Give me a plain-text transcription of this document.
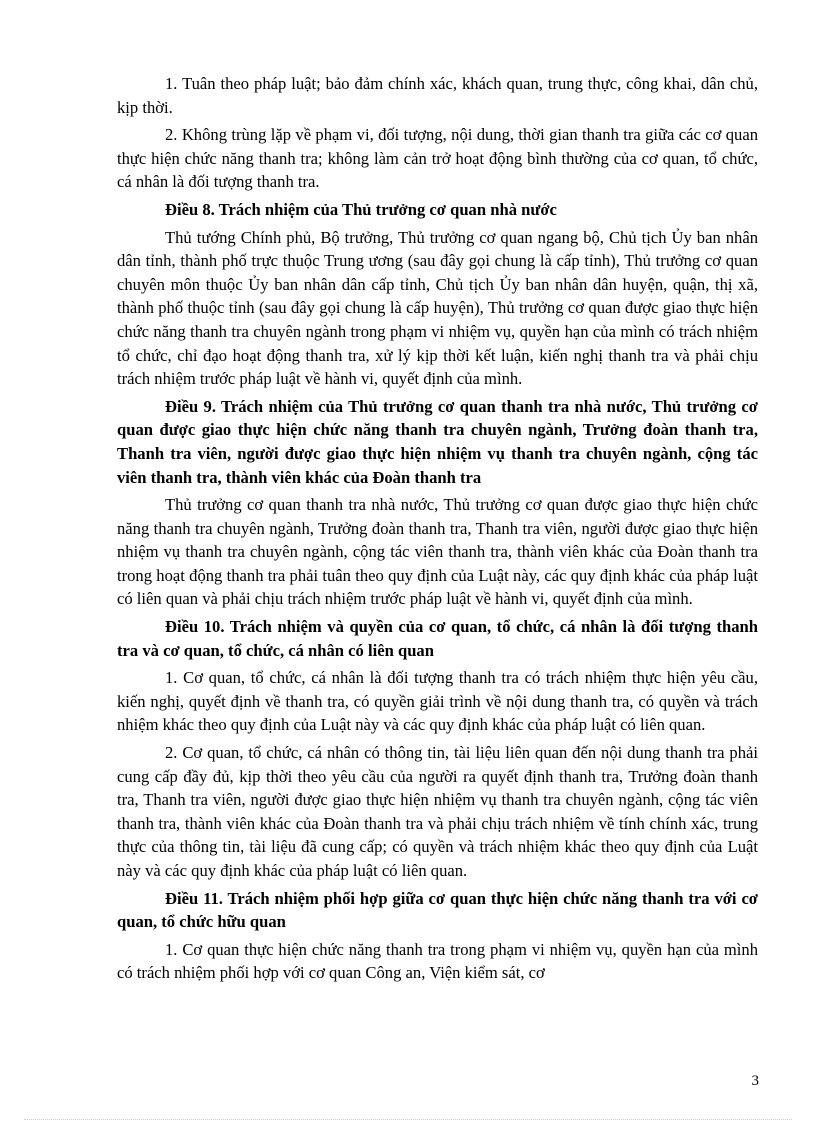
1. Tuân theo pháp luật; bảo đảm chính xác, khách quan, trung thực, công khai, dân chủ, kịp thời.

2. Không trùng lặp về phạm vi, đối tượng, nội dung, thời gian thanh tra giữa các cơ quan thực hiện chức năng thanh tra; không làm cản trở hoạt động bình thường của cơ quan, tổ chức, cá nhân là đối tượng thanh tra.

Điều 8. Trách nhiệm của Thủ trưởng cơ quan nhà nước

Thủ tướng Chính phủ, Bộ trưởng, Thủ trưởng cơ quan ngang bộ, Chủ tịch Ủy ban nhân dân tỉnh, thành phố trực thuộc Trung ương (sau đây gọi chung là cấp tỉnh), Thủ trưởng cơ quan chuyên môn thuộc Ủy ban nhân dân cấp tỉnh, Chủ tịch Ủy ban nhân dân huyện, quận, thị xã, thành phố thuộc tỉnh (sau đây gọi chung là cấp huyện), Thủ trưởng cơ quan được giao thực hiện chức năng thanh tra chuyên ngành trong phạm vi nhiệm vụ, quyền hạn của mình có trách nhiệm tổ chức, chỉ đạo hoạt động thanh tra, xử lý kịp thời kết luận, kiến nghị thanh tra và phải chịu trách nhiệm trước pháp luật về hành vi, quyết định của mình.

Điều 9. Trách nhiệm của Thủ trưởng cơ quan thanh tra nhà nước, Thủ trưởng cơ quan được giao thực hiện chức năng thanh tra chuyên ngành, Trưởng đoàn thanh tra, Thanh tra viên, người được giao thực hiện nhiệm vụ thanh tra chuyên ngành, cộng tác viên thanh tra, thành viên khác của Đoàn thanh tra

Thủ trưởng cơ quan thanh tra nhà nước, Thủ trưởng cơ quan được giao thực hiện chức năng thanh tra chuyên ngành, Trưởng đoàn thanh tra, Thanh tra viên, người được giao thực hiện nhiệm vụ thanh tra chuyên ngành, cộng tác viên thanh tra, thành viên khác của Đoàn thanh tra trong hoạt động thanh tra phải tuân theo quy định của Luật này, các quy định khác của pháp luật có liên quan và phải chịu trách nhiệm trước pháp luật về hành vi, quyết định của mình.

Điều 10. Trách nhiệm và quyền của cơ quan, tổ chức, cá nhân là đối tượng thanh tra và cơ quan, tổ chức, cá nhân có liên quan

1. Cơ quan, tổ chức, cá nhân là đối tượng thanh tra có trách nhiệm thực hiện yêu cầu, kiến nghị, quyết định về thanh tra, có quyền giải trình về nội dung thanh tra, có quyền và trách nhiệm khác theo quy định của Luật này và các quy định khác của pháp luật có liên quan.

2. Cơ quan, tổ chức, cá nhân có thông tin, tài liệu liên quan đến nội dung thanh tra phải cung cấp đầy đủ, kịp thời theo yêu cầu của người ra quyết định thanh tra, Trưởng đoàn thanh tra, Thanh tra viên, người được giao thực hiện nhiệm vụ thanh tra chuyên ngành, cộng tác viên thanh tra, thành viên khác của Đoàn thanh tra và phải chịu trách nhiệm về tính chính xác, trung thực của thông tin, tài liệu đã cung cấp; có quyền và trách nhiệm khác theo quy định của Luật này và các quy định khác của pháp luật có liên quan.

Điều 11. Trách nhiệm phối hợp giữa cơ quan thực hiện chức năng thanh tra với cơ quan, tổ chức hữu quan

1. Cơ quan thực hiện chức năng thanh tra trong phạm vi nhiệm vụ, quyền hạn của mình có trách nhiệm phối hợp với cơ quan Công an, Viện kiểm sát, cơ

3
